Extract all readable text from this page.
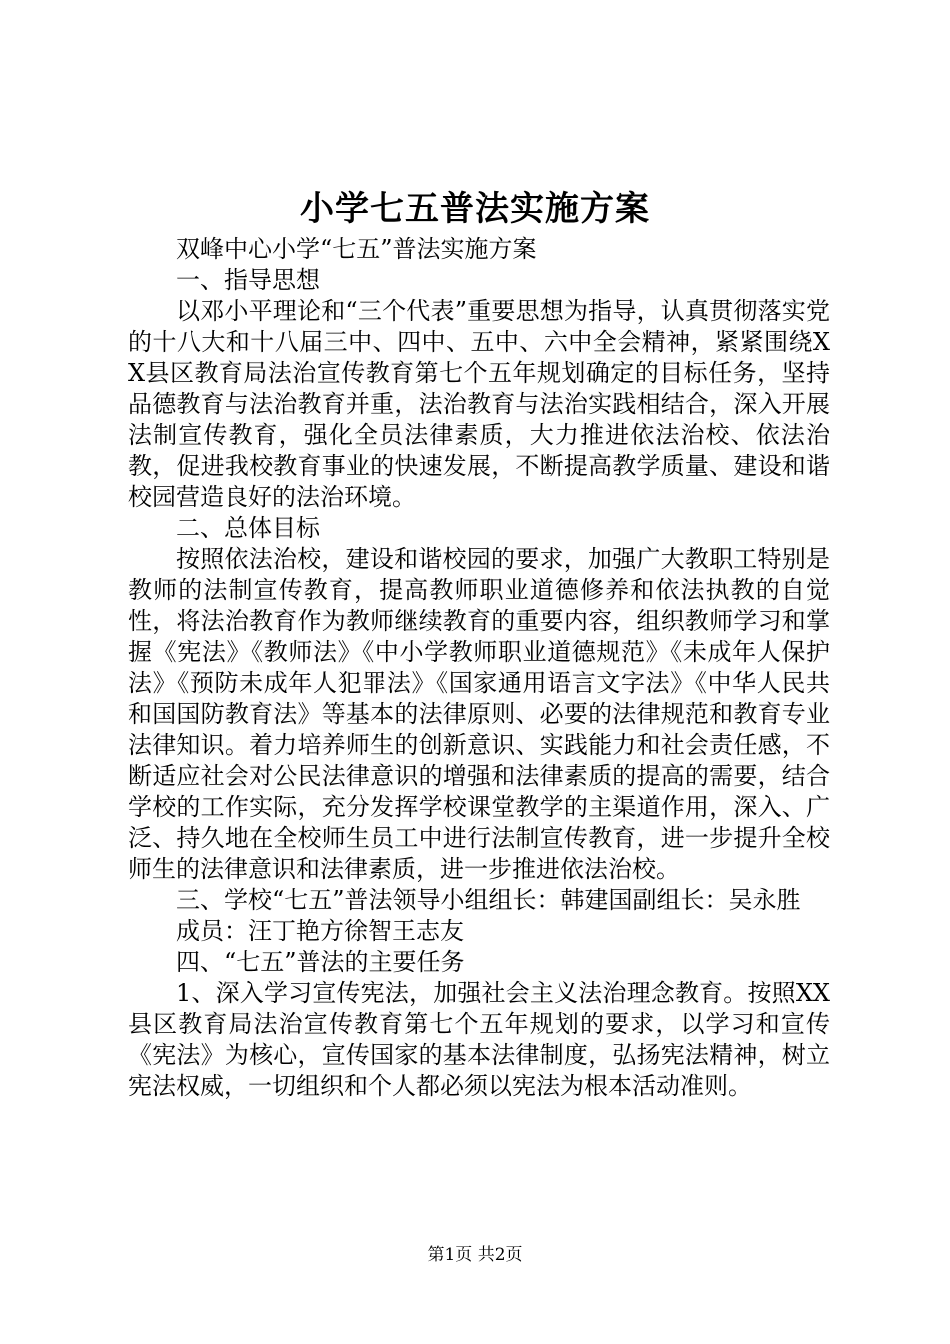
小学七五普法实施方案

双峰中心小学“七五”普法实施方案

一、指导思想

以邓小平理论和“三个代表”重要思想为指导，认真贯彻落实党的十八大和十八届三中、四中、五中、六中全会精神，紧紧围绕XX县区教育局法治宣传教育第七个五年规划确定的目标任务，坚持品德教育与法治教育并重，法治教育与法治实践相结合，深入开展法制宣传教育，强化全员法律素质，大力推进依法治校、依法治教，促进我校教育事业的快速发展，不断提高教学质量、建设和谐校园营造良好的法治环境。

二、总体目标

按照依法治校，建设和谐校园的要求，加强广大教职工特别是教师的法制宣传教育，提高教师职业道德修养和依法执教的自觉性，将法治教育作为教师继续教育的重要内容，组织教师学习和掌握《宪法》《教师法》《中小学教师职业道德规范》《未成年人保护法》《预防未成年人犯罪法》《国家通用语言文字法》《中华人民共和国国防教育法》等基本的法律原则、必要的法律规范和教育专业法律知识。着力培养师生的创新意识、实践能力和社会责任感，不断适应社会对公民法律意识的增强和法律素质的提高的需要，结合学校的工作实际，充分发挥学校课堂教学的主渠道作用，深入、广泛、持久地在全校师生员工中进行法制宣传教育，进一步提升全校师生的法律意识和法律素质，进一步推进依法治校。

三、学校“七五”普法领导小组组长：韩建国副组长：吴永胜

成员：汪丁艳方徐智王志友

四、“七五”普法的主要任务

1、深入学习宣传宪法，加强社会主义法治理念教育。按照XX县区教育局法治宣传教育第七个五年规划的要求，以学习和宣传《宪法》为核心，宣传国家的基本法律制度，弘扬宪法精神，树立宪法权威，一切组织和个人都必须以宪法为根本活动准则。

第1页 共2页
